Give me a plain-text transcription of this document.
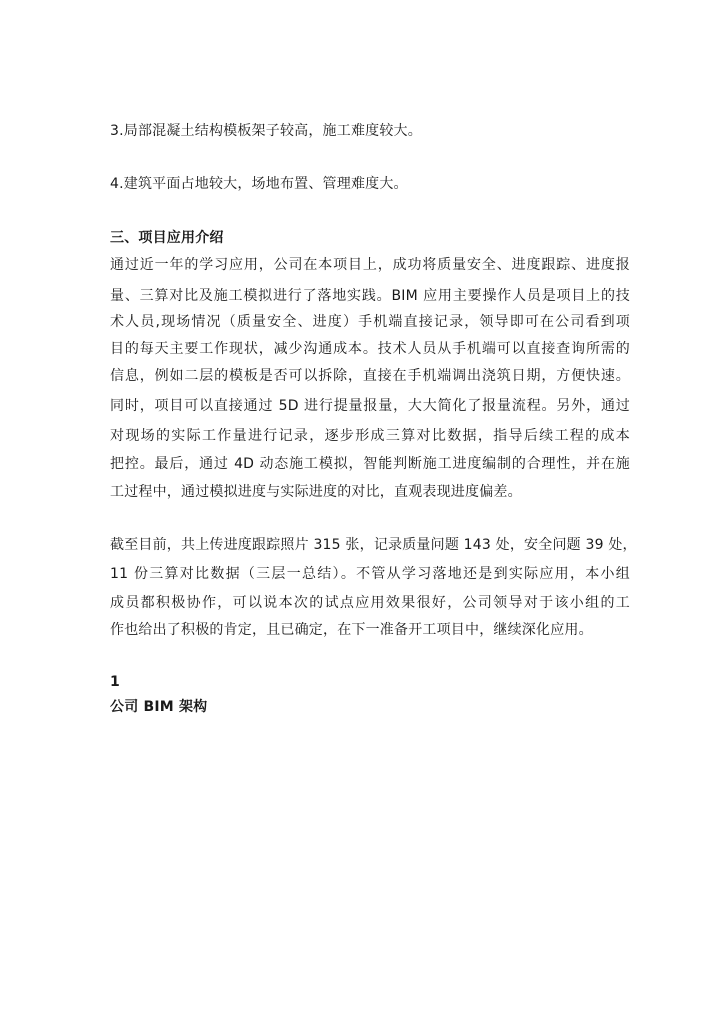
3.局部混凝土结构模板架子较高，施工难度较大。
4.建筑平面占地较大，场地布置、管理难度大。
三、项目应用介绍
通过近一年的学习应用，公司在本项目上，成功将质量安全、进度跟踪、进度报
量、三算对比及施工模拟进行了落地实践。BIM 应用主要操作人员是项目上的技
术人员,现场情况（质量安全、进度）手机端直接记录，领导即可在公司看到项
目的每天主要工作现状，减少沟通成本。技术人员从手机端可以直接查询所需的
信息，例如二层的模板是否可以拆除，直接在手机端调出浇筑日期，方便快速。
同时，项目可以直接通过 5D 进行提量报量，大大简化了报量流程。另外，通过
对现场的实际工作量进行记录，逐步形成三算对比数据，指导后续工程的成本
把控。最后，通过 4D 动态施工模拟，智能判断施工进度编制的合理性，并在施
工过程中，通过模拟进度与实际进度的对比，直观表现进度偏差。
截至目前，共上传进度跟踪照片 315 张，记录质量问题 143 处，安全问题 39 处，
11 份三算对比数据（三层一总结）。不管从学习落地还是到实际应用，本小组
成员都积极协作，可以说本次的试点应用效果很好，公司领导对于该小组的工
作也给出了积极的肯定，且已确定，在下一准备开工项目中，继续深化应用。
1
公司 BIM 架构
